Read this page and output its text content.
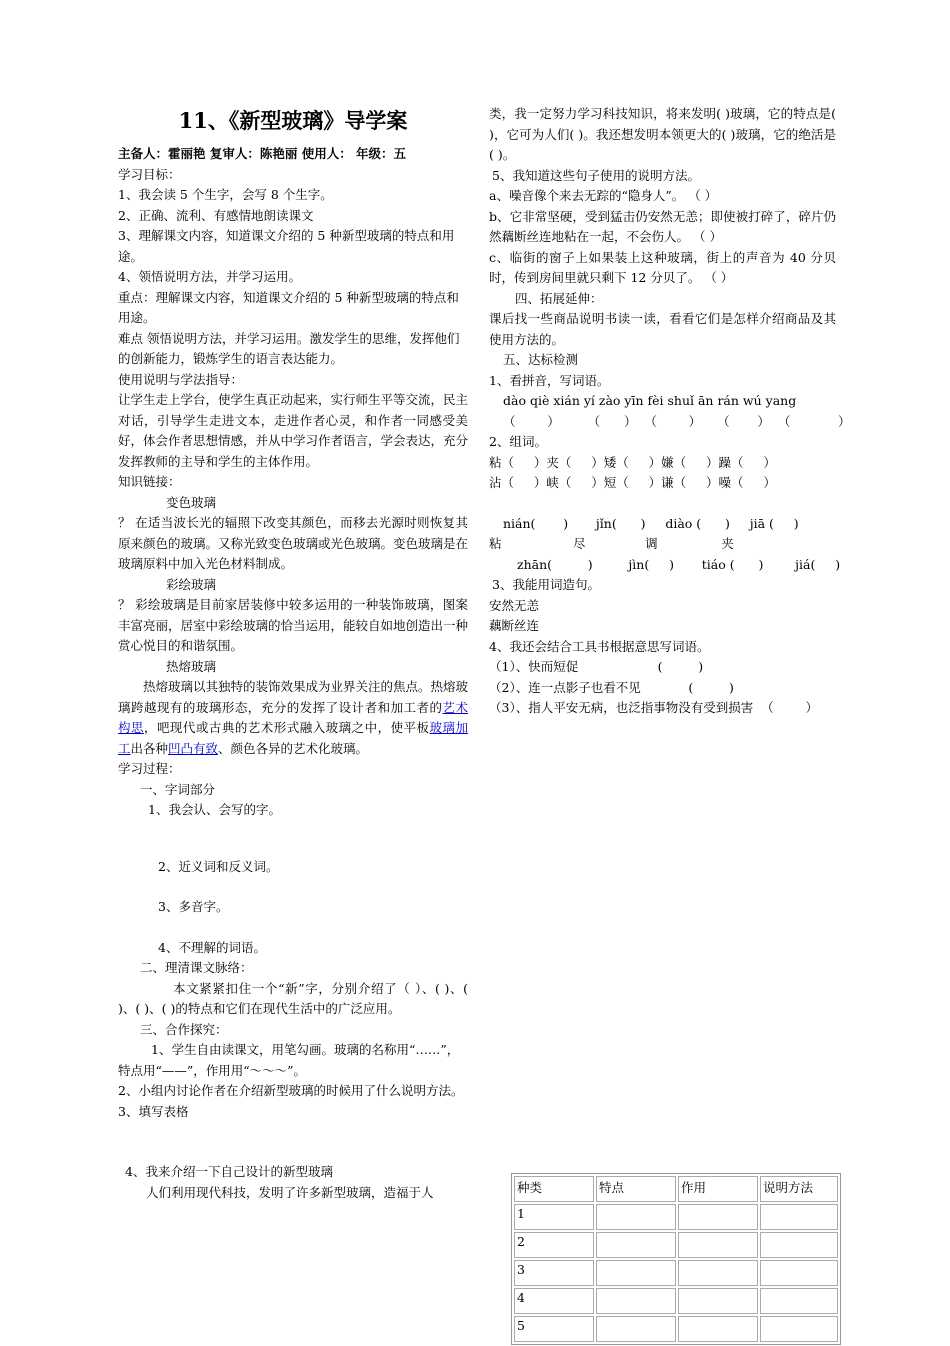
11、《新型玻璃》导学案

主备人：霍丽艳 复审人：陈艳丽 使用人： 年级：五

学习目标：

1、我会读 5 个生字，会写 8 个生字。

2、正确、流利、有感情地朗读课文

3、理解课文内容，知道课文介绍的 5 种新型玻璃的特点和用途。

4、领悟说明方法，并学习运用。

重点：理解课文内容，知道课文介绍的 5 种新型玻璃的特点和用途。

难点 领悟说明方法，并学习运用。激发学生的思维，发挥他们的创新能力，锻炼学生的语言表达能力。

使用说明与学法指导：

让学生走上学台，使学生真正动起来，实行师生平等交流，民主对话，引导学生走进文本，走进作者心灵，和作者一同感受美好，体会作者思想情感，并从中学习作者语言，学会表达，充分发挥教师的主导和学生的主体作用。

知识链接：

变色玻璃

？ 在适当波长光的辐照下改变其颜色，而移去光源时则恢复其原来颜色的玻璃。又称光致变色玻璃或光色玻璃。变色玻璃是在玻璃原料中加入光色材料制成。

彩绘玻璃

？ 彩绘玻璃是目前家居装修中较多运用的一种装饰玻璃，图案丰富亮丽，居室中彩绘玻璃的恰当运用，能较自如地创造出一种赏心悦目的和谐氛围。

热熔玻璃

热熔玻璃以其独特的装饰效果成为业界关注的焦点。热熔玻璃跨越现有的玻璃形态，充分的发挥了设计者和加工者的艺术构思，吧现代或古典的艺术形式融入玻璃之中，使平板玻璃加工出各种凹凸有致、颜色各异的艺术化玻璃。

学习过程：

一、字词部分

1、我会认、会写的字。

2、近义词和反义词。

3、多音字。

4、不理解的词语。

二、理清课文脉络：

本文紧紧扣住一个“新”字，分别介绍了（ ）、( )、( )、( )、( )的特点和它们在现代生活中的广泛应用。

三、合作探究：

1、学生自由读课文，用笔勾画。玻璃的名称用“……”，特点用“——”，作用用“～～～”。

2、小组内讨论作者在介绍新型玻璃的时候用了什么说明方法。

3、填写表格

4、我来介绍一下自己设计的新型玻璃

人们利用现代科技，发明了许多新型玻璃，造福于人

类，我一定努力学习科技知识，将来发明( )玻璃，它的特点是( )，它可为人们( )。我还想发明本领更大的( )玻璃，它的绝活是( )。

5、我知道这些句子使用的说明方法。

a、噪音像个来去无踪的“隐身人”。 （ ）

b、它非常坚硬，受到猛击仍安然无恙；即使被打碎了，碎片仍然藕断丝连地粘在一起，不会伤人。 （ ）

c、临街的窗子上如果装上这种玻璃，街上的声音为 40 分贝时，传到房间里就只剩下 12 分贝了。 （ ）

四、拓展延伸：

课后找一些商品说明书读一读，看看它们是怎样介绍商品及其使用方法的。

五、达标检测

1、看拼音，写词语。

dào qiè xián yí zào yīn fèi shuǐ ān rán wú yang

（        ）       （      ）  （        ）    （       ）  （            ）

2、组词。

粘（     ）夹（     ）矮（     ）嫌（     ）躁（     ）

沾（     ）峡（     ）短（     ）谦（     ）噪（     ）

nián(       )       jǐn(      )     diào (      )     jiā (     )

粘                  尽               调                夹

zhān(         )         jìn(     )       tiáo (      )        jiá(     )

3、我能用词造句。

安然无恙

藕断丝连

4、我还会结合工具书根据意思写词语。

（1）、快而短促                    (         )

（2）、连一点影子也看不见            (         )

（3）、指人平安无病，也泛指事物没有受到损害  （        ）

种类	特点	作用	说明方法
1			
2			
3			
4			
5			
